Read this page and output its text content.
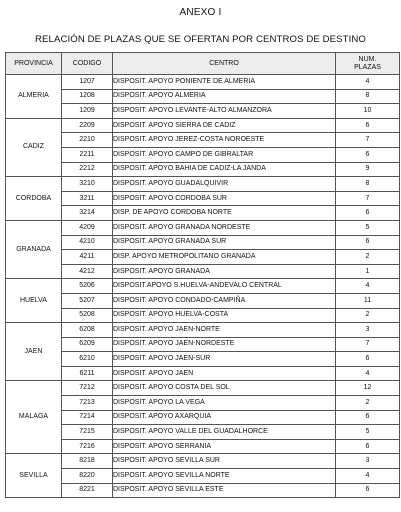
ANEXO I
RELACIÓN DE PLAZAS QUE SE OFERTAN POR CENTROS DE DESTINO
PROVINCIA	CODIGO	CENTRO	NUM.
PLAZAS
ALMERIA	1207	DISPOSIT. APOYO PONIENTE DE ALMERIA	4
	1208	DISPOSIT. APOYO ALMERIA	8
	1209	DISPOSIT. APOYO LEVANTE-ALTO ALMANZORA	10
CADIZ	2209	DISPOSIT. APOYO SIERRA DE CADIZ	6
	2210	DISPOSIT. APOYO JEREZ-COSTA NOROESTE	7
	2211	DISPOSIT. APOYO CAMPO DE GIBRALTAR	6
	2212	DISPOSIT. APOYO BAHIA DE CADIZ-LA JANDA	9
CORDOBA	3210	DISPOSIT. APOYO GUADALQUIVIR	8
	3211	DISPOSIT. APOYO CORDOBA SUR	7
	3214	DISP. DE APOYO CORDOBA NORTE	6
GRANADA	4209	DISPOSIT. APOYO GRANADA NORDESTE	5
	4210	DISPOSIT. APOYO GRANADA SUR	6
	4211	DISP. APOYO METROPOLITANO GRANADA	2
	4212	DISPOSIT. APOYO GRANADA	1
HUELVA	5206	DISPOSIT.APOYO S.HUELVA-ANDEVALO CENTRAL	4
	5207	DISPOSIT. APOYO CONDADO-CAMPIÑA	11
	5208	DISPOSIT. APOYO HUELVA-COSTA	2
JAEN	6208	DISPOSIT. APOYO JAEN-NORTE	3
	6209	DISPOSIT. APOYO JAEN-NORDESTE	7
	6210	DISPOSIT. APOYO JAEN-SUR	6
	6211	DISPOSIT. APOYO JAEN	4
MALAGA	7212	DISPOSIT. APOYO COSTA DEL SOL	12
	7213	DISPOSIT. APOYO LA VEGA	2
	7214	DISPOSIT. APOYO AXARQUIA	6
	7215	DISPOSIT. APOYO VALLE DEL GUADALHORCE	5
	7216	DISPOSIT. APOYO SERRANIA	6
SEVILLA	8218	DISPOSIT. APOYO SEVILLA SUR	3
	8220	DISPOSIT. APOYO SEVILLA NORTE	4
	8221	DISPOSIT. APOYO SEVILLA ESTE	6
